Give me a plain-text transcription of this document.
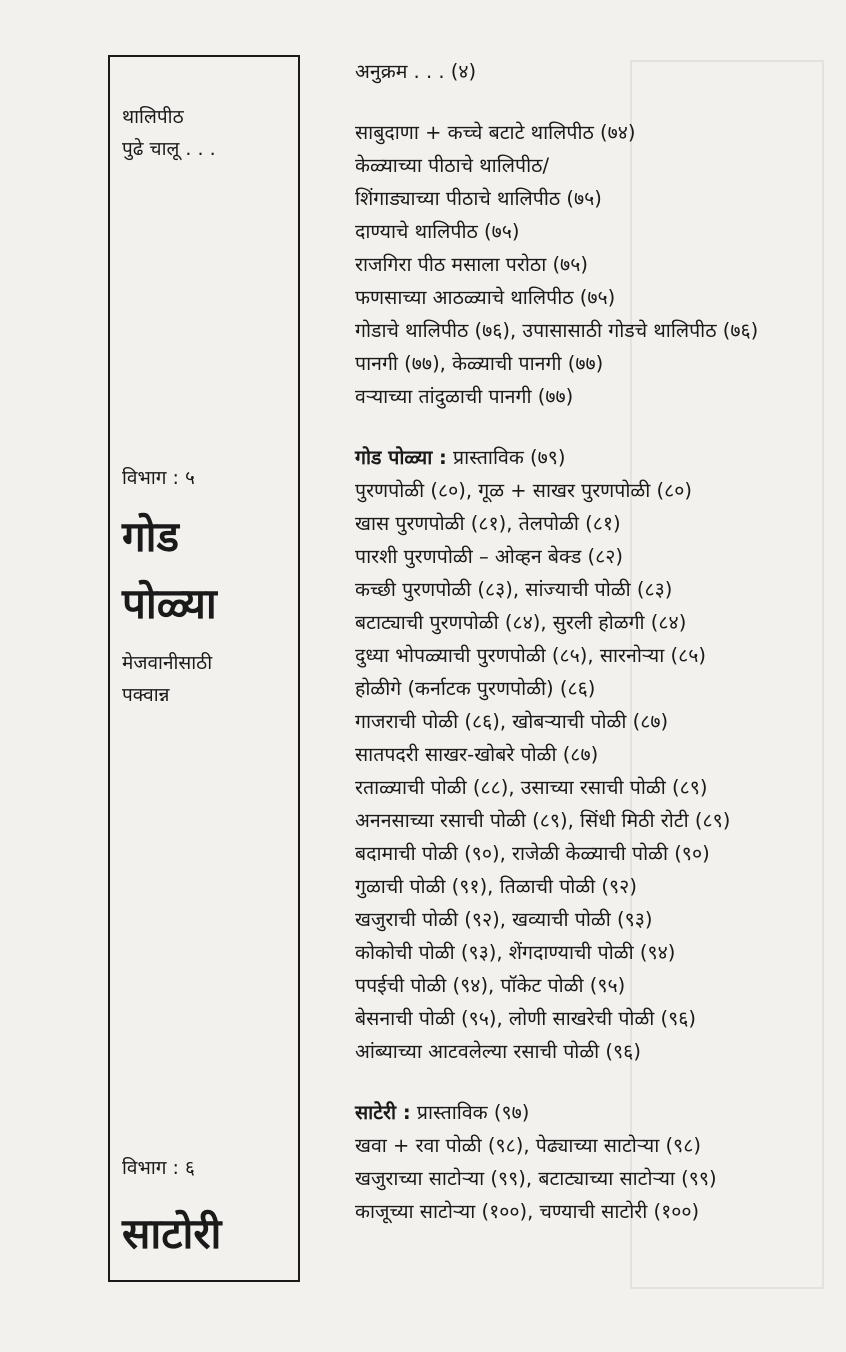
थालिपीठ
पुढे चालू . . .
विभाग : ५
गोड
पोळ्या
मेजवानीसाठी
पक्वान्न
विभाग : ६
साटोरी
अनुक्रम . . . (४)
साबुदाणा + कच्चे बटाटे थालिपीठ (७४)
केळ्याच्या पीठाचे थालिपीठ/
शिंगाड्याच्या पीठाचे थालिपीठ (७५)
दाण्याचे थालिपीठ (७५)
राजगिरा पीठ मसाला परोठा (७५)
फणसाच्या आठळ्याचे थालिपीठ (७५)
गोडाचे थालिपीठ (७६), उपासासाठी गोडचे थालिपीठ (७६)
पानगी (७७), केळ्याची पानगी (७७)
वऱ्याच्या तांदुळाची पानगी (७७)
गोड पोळ्या : प्रास्ताविक (७९)
पुरणपोळी (८०), गूळ + साखर पुरणपोळी (८०)
खास पुरणपोळी (८१), तेलपोळी (८१)
पारशी पुरणपोळी – ओव्हन बेक्ड (८२)
कच्छी पुरणपोळी (८३), सांज्याची पोळी (८३)
बटाट्याची पुरणपोळी (८४), सुरली होळगी (८४)
दुध्या भोपळ्याची पुरणपोळी (८५), सारनोऱ्या (८५)
होळीगे (कर्नाटक पुरणपोळी) (८६)
गाजराची पोळी (८६), खोबऱ्याची पोळी (८७)
सातपदरी साखर-खोबरे पोळी (८७)
रताळ्याची पोळी (८८), उसाच्या रसाची पोळी (८९)
अननसाच्या रसाची पोळी (८९), सिंधी मिठी रोटी (८९)
बदामाची पोळी (९०), राजेळी केळ्याची पोळी (९०)
गुळाची पोळी (९१), तिळाची पोळी (९२)
खजुराची पोळी (९२), खव्याची पोळी (९३)
कोकोची पोळी (९३), शेंगदाण्याची पोळी (९४)
पपईची पोळी (९४), पॉकेट पोळी (९५)
बेसनाची पोळी (९५), लोणी साखरेची पोळी (९६)
आंब्याच्या आटवलेल्या रसाची पोळी (९६)
साटेरी : प्रास्ताविक (९७)
खवा + रवा पोळी (९८), पेढ्याच्या साटोऱ्या (९८)
खजुराच्या साटोऱ्या (९९), बटाट्याच्या साटोऱ्या (९९)
काजूच्या साटोऱ्या (१००), चण्याची साटोरी (१००)
